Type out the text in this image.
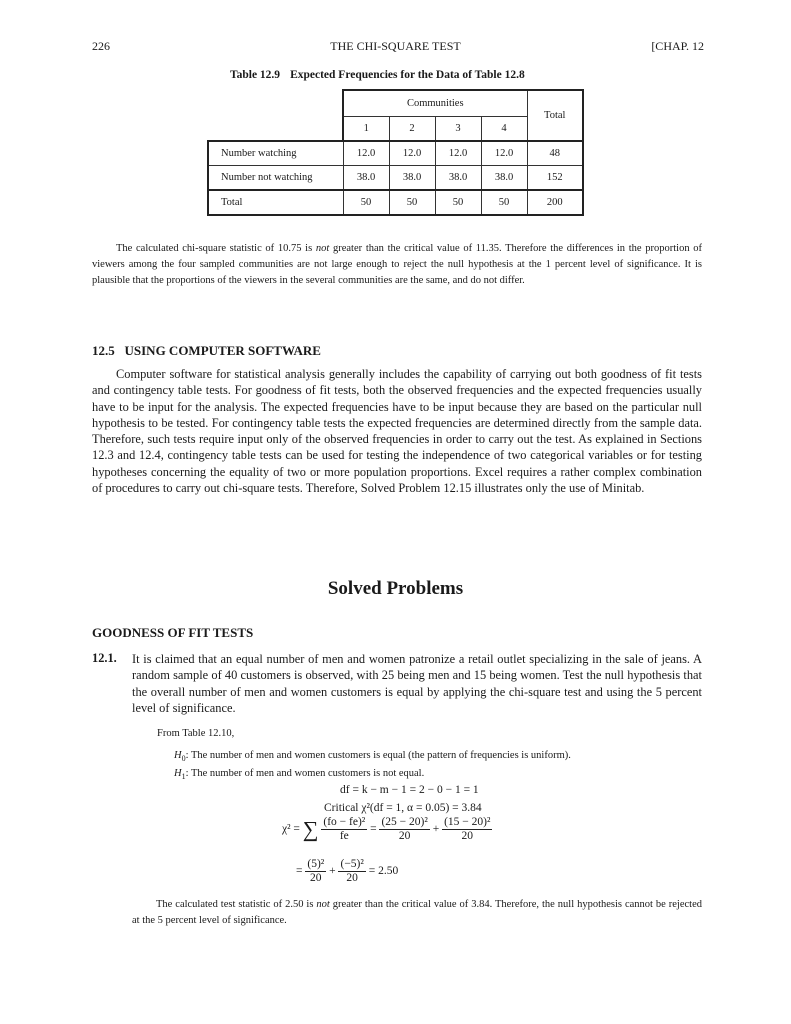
226	THE CHI-SQUARE TEST	[CHAP. 12
Table 12.9 Expected Frequencies for the Data of Table 12.8
	Communities				Total
	1	2	3	4	
Number watching	12.0	12.0	12.0	12.0	48
Number not watching	38.0	38.0	38.0	38.0	152
Total	50	50	50	50	200
The calculated chi-square statistic of 10.75 is not greater than the critical value of 11.35. Therefore the differences in the proportion of viewers among the four sampled communities are not large enough to reject the null hypothesis at the 1 percent level of significance. It is plausible that the proportions of the viewers in the several communities are the same, and do not differ.
12.5   USING COMPUTER SOFTWARE
Computer software for statistical analysis generally includes the capability of carrying out both goodness of fit tests and contingency table tests. For goodness of fit tests, both the observed frequencies and the expected frequencies usually have to be input for the analysis. The expected frequencies have to be input because they are based on the particular null hypothesis to be tested. For contingency table tests the expected frequencies are determined directly from the sample data. Therefore, such tests require input only of the observed frequencies in order to carry out the test. As explained in Sections 12.3 and 12.4, contingency table tests can be used for testing the independence of two categorical variables or for testing hypotheses concerning the equality of two or more population proportions. Excel requires a rather complex combination of procedures to carry out chi-square tests. Therefore, Solved Problem 12.15 illustrates only the use of Minitab.
Solved Problems
GOODNESS OF FIT TESTS
12.1. It is claimed that an equal number of men and women patronize a retail outlet specializing in the sale of jeans. A random sample of 40 customers is observed, with 25 being men and 15 being women. Test the null hypothesis that the overall number of men and women customers is equal by applying the chi-square test and using the 5 percent level of significance.
From Table 12.10,
$H_0$: The number of men and women customers is equal (the pattern of frequencies is uniform).
$H_1$: The number of men and women customers is not equal.
df = k − m − 1 = 2 − 0 − 1 = 1
Critical χ²(df = 1, α = 0.05) = 3.84
χ² = ∑ $\frac{\text{(fo − fe)²}}{fe} = \frac{\text{(25 − 20)²}}{20} + \frac{\text{(15 − 20)²}}{20}$
= $\frac{\text{(5)²}}{20} + \frac{\text{(−5)²}}{20} = 2.50$
The calculated test statistic of 2.50 is not greater than the critical value of 3.84. Therefore, the null hypothesis cannot be rejected at the 5 percent level of significance.
